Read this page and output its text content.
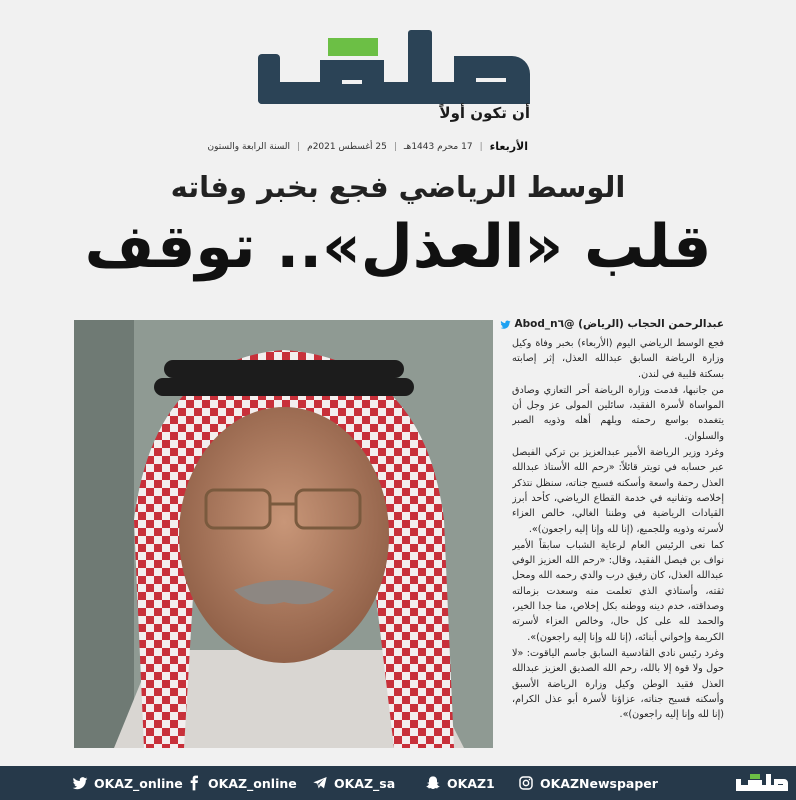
أن تكون أولاً
الأربعاء
|
17 محرم 1443هـ
|
25 أغسطس 2021م
|
السنة الرابعة والستون
الوسط الرياضي فجع بخبر وفاته
قلب «العذل».. توقف
عبدالرحمن الحجاب (الرياض) @Abod_n٦

فجع الوسط الرياضي اليوم (الأربعاء) بخبر وفاة وكيل وزارة الرياضة السابق عبدالله العذل، إثر إصابته بسكتة قلبية في لندن.

من جانبها، قدمت وزارة الرياضة أحر التعازي وصادق المواساة لأسرة الفقيد، سائلين المولى عز وجل أن يتغمده بواسع رحمته ويلهم أهله وذويه الصبر والسلوان.

وغرد وزير الرياضة الأمير عبدالعزيز بن تركي الفيصل عبر حسابه في تويتر قائلاً: «رحم الله الأستاذ عبدالله العذل رحمة واسعة وأسكنه فسيح جناته، سنظل نتذكر إخلاصه وتفانيه في خدمة القطاع الرياضي، كأحد أبرز القيادات الرياضية في وطننا الغالي، خالص العزاء لأسرته وذويه وللجميع، (إنا لله وإنا إليه راجعون)».

كما نعى الرئيس العام لرعاية الشباب سابقاً الأمير نواف بن فيصل الفقيد، وقال: «رحم الله العزيز الوفي عبدالله العذل، كان رفيق درب والدي رحمه الله ومحل ثقته، وأستاذي الذي تعلمت منه وسعدت بزمالته وصداقته، خدم دينه ووطنه بكل إخلاص، منا جدا الخير، والحمد لله على كل حال، وخالص العزاء لأسرته الكريمة وإخواني أبنائه، (إنا لله وإنا إليه راجعون)».

وغرد رئيس نادي القادسية السابق جاسم الياقوت: «لا حول ولا قوة إلا بالله، رحم الله الصديق العزيز عبدالله العذل فقيد الوطن وكيل وزارة الرياضة الأسبق وأسكنه فسيح جناته، عزاؤنا لأسرة أبو عذل الكرام، (إنا لله وإنا إليه راجعون)».

OKAZ_online OKAZ_online	OKAZ_sa	OKAZ1	OKAZNewspaper
